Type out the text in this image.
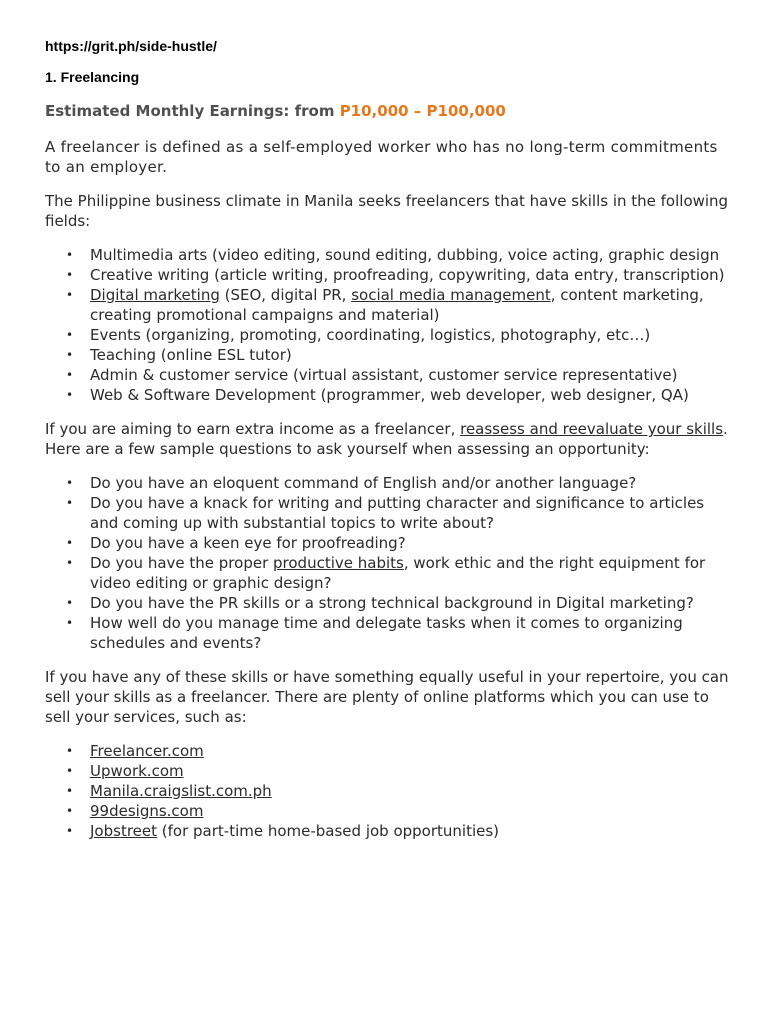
https://grit.ph/side-hustle/
1. Freelancing
Estimated Monthly Earnings: from P10,000 – P100,000

A freelancer is defined as a self-employed worker who has no long-term commitments to an employer.

The Philippine business climate in Manila seeks freelancers that have skills in the following fields:

• Multimedia arts (video editing, sound editing, dubbing, voice acting, graphic design
• Creative writing (article writing, proofreading, copywriting, data entry, transcription)
• Digital marketing (SEO, digital PR, social media management, content marketing, creating promotional campaigns and material)
• Events (organizing, promoting, coordinating, logistics, photography, etc…)
• Teaching (online ESL tutor)
• Admin & customer service (virtual assistant, customer service representative)
• Web & Software Development (programmer, web developer, web designer, QA)

If you are aiming to earn extra income as a freelancer, reassess and reevaluate your skills. Here are a few sample questions to ask yourself when assessing an opportunity:

• Do you have an eloquent command of English and/or another language?
• Do you have a knack for writing and putting character and significance to articles and coming up with substantial topics to write about?
• Do you have a keen eye for proofreading?
• Do you have the proper productive habits, work ethic and the right equipment for video editing or graphic design?
• Do you have the PR skills or a strong technical background in Digital marketing?
• How well do you manage time and delegate tasks when it comes to organizing schedules and events?

If you have any of these skills or have something equally useful in your repertoire, you can sell your skills as a freelancer. There are plenty of online platforms which you can use to sell your services, such as:

• Freelancer.com
• Upwork.com
• Manila.craigslist.com.ph
• 99designs.com
• Jobstreet (for part-time home-based job opportunities)
